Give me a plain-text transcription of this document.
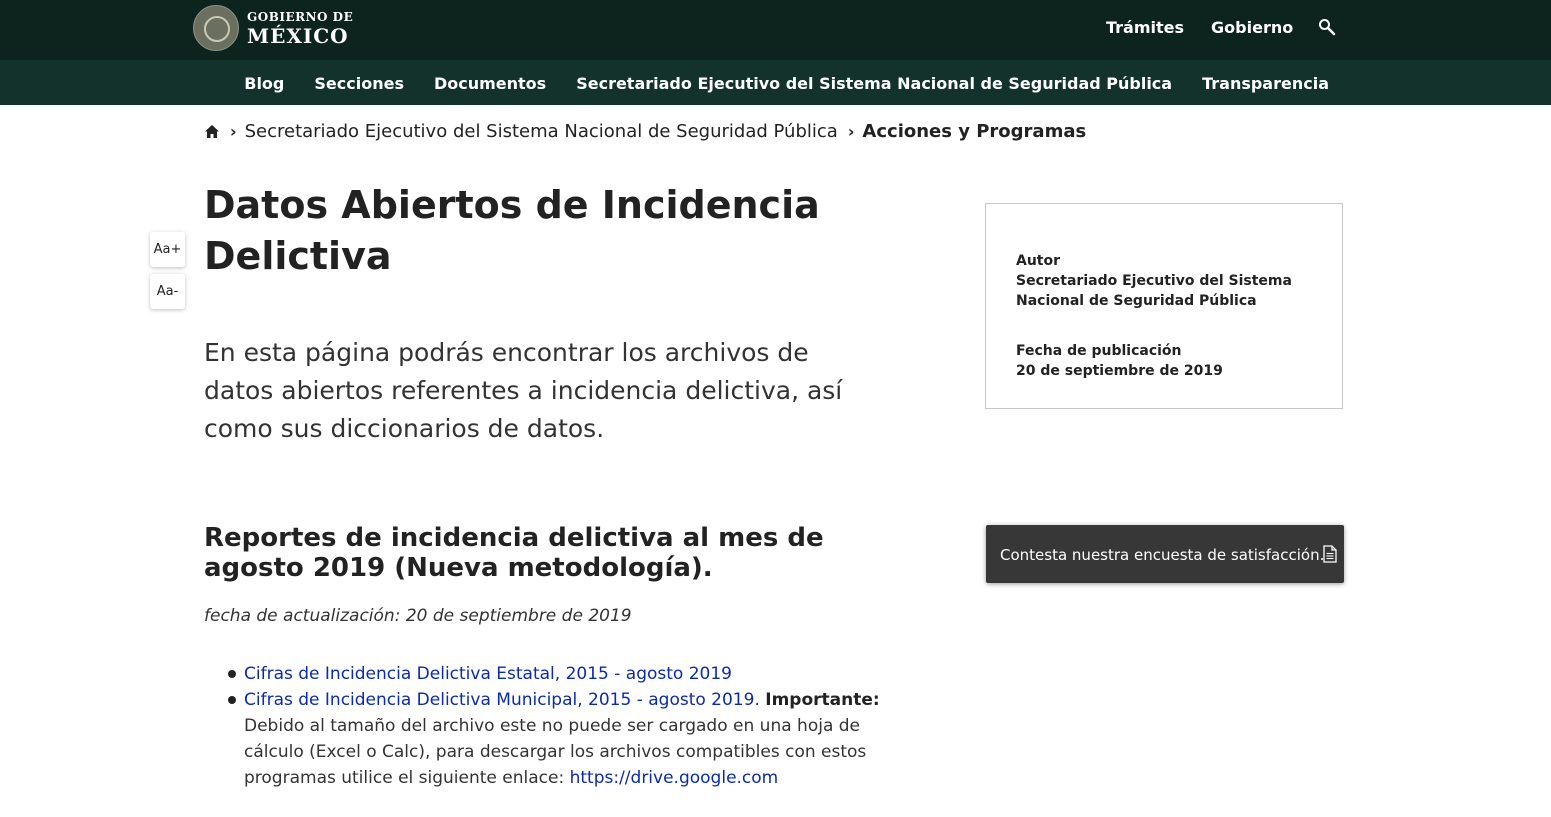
GOBIERNO DE
MÉXICO	Trámites Gobierno
Blog Secciones Documentos Secretariado Ejecutivo del Sistema Nacional de Seguridad Pública Transparencia
› Secretariado Ejecutivo del Sistema Nacional de Seguridad Pública › Acciones y Programas
Aa+
Aa-
Datos Abiertos de Incidencia Delictiva

En esta página podrás encontrar los archivos de datos abiertos referentes a incidencia delictiva, así como sus diccionarios de datos.

Reportes de incidencia delictiva al mes de agosto 2019 (Nueva metodología).
fecha de actualización: 20 de septiembre de 2019
Cifras de Incidencia Delictiva Estatal, 2015 - agosto 2019
Cifras de Incidencia Delictiva Municipal, 2015 - agosto 2019. Importante: Debido al tamaño del archivo este no puede ser cargado en una hoja de cálculo (Excel o Calc), para descargar los archivos compatibles con estos programas utilice el siguiente enlace: https://drive.google.com
Autor
Secretariado Ejecutivo del Sistema Nacional de Seguridad Pública
Fecha de publicación
20 de septiembre de 2019
Contesta nuestra encuesta de satisfacción.
